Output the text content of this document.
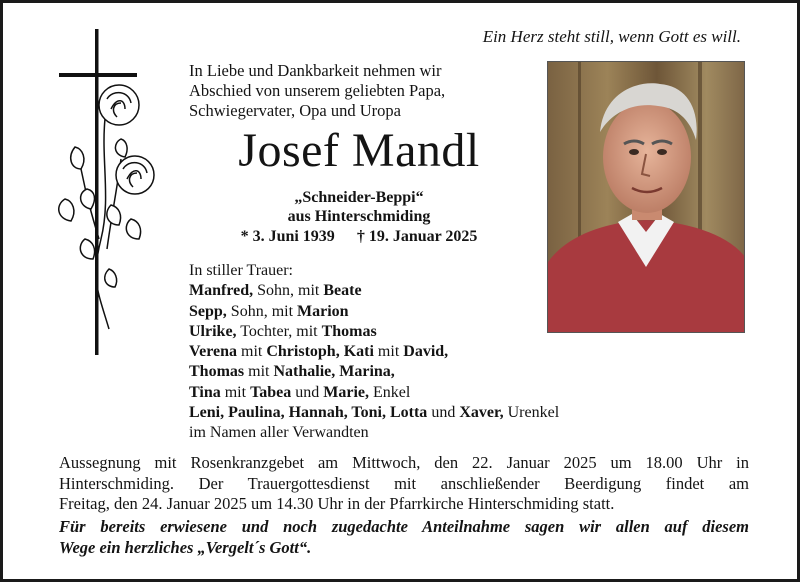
Ein Herz steht still, wenn Gott es will.
In Liebe und Dankbarkeit nehmen wir
Abschied von unserem geliebten Papa,
Schwiegervater, Opa und Uropa
Josef Mandl
„Schneider-Beppi“
aus Hinterschmiding
* 3. Juni 1939 † 19. Januar 2025
In stiller Trauer:
Manfred, Sohn, mit Beate
Sepp, Sohn, mit Marion
Ulrike, Tochter, mit Thomas
Verena mit Christoph, Kati mit David,
Thomas mit Nathalie, Marina,
Tina mit Tabea und Marie, Enkel
Leni, Paulina, Hannah, Toni, Lotta und Xaver, Urenkel
im Namen aller Verwandten
Aussegnung mit Rosenkranzgebet am Mittwoch, den 22. Januar 2025 um 18.00 Uhr in
Hinterschmiding. Der Trauergottesdienst mit anschließender Beerdigung findet am
Freitag, den 24. Januar 2025 um 14.30 Uhr in der Pfarrkirche Hinterschmiding statt.
Für bereits erwiesene und noch zugedachte Anteilnahme sagen wir allen auf diesem
Wege ein herzliches „Vergelt´s Gott“.
